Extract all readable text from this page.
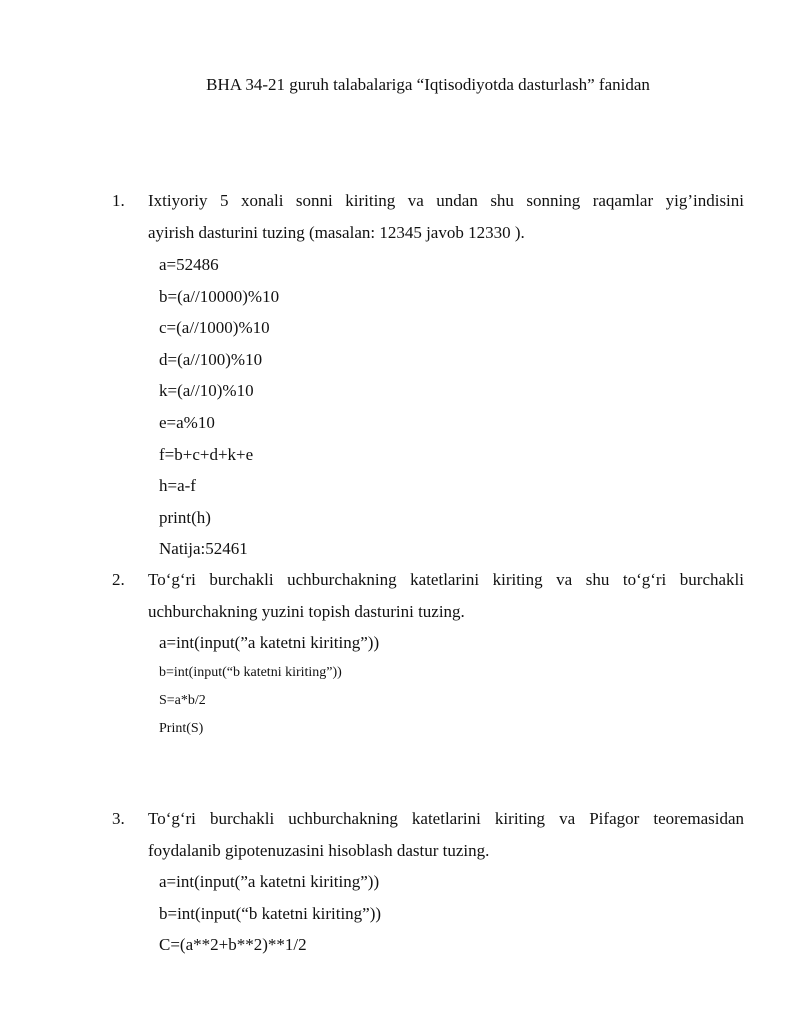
BHA 34-21 guruh talabalariga “Iqtisodiyotda dasturlash” fanidan
1. Ixtiyoriy 5 xonali sonni kiriting va undan shu sonning raqamlar yig’indisini
ayirish dasturini tuzing (masalan: 12345 javob 12330 ).
a=52486
b=(a//10000)%10
c=(a//1000)%10
d=(a//100)%10
k=(a//10)%10
e=a%10
f=b+c+d+k+e
h=a-f
print(h)
Natija:52461
2. To‘g‘ri burchakli uchburchakning katetlarini kiriting va shu to‘g‘ri burchakli
uchburchakning yuzini topish dasturini tuzing.
a=int(input(”a katetni kiriting”))
b=int(input(“b katetni kiriting”))
S=a*b/2
Print(S)
3. To‘g‘ri burchakli uchburchakning katetlarini kiriting va Pifagor teoremasidan
foydalanib gipotenuzasini hisoblash dastur tuzing.
a=int(input(”a katetni kiriting”))
b=int(input(“b katetni kiriting”))
C=(a**2+b**2)**1/2
